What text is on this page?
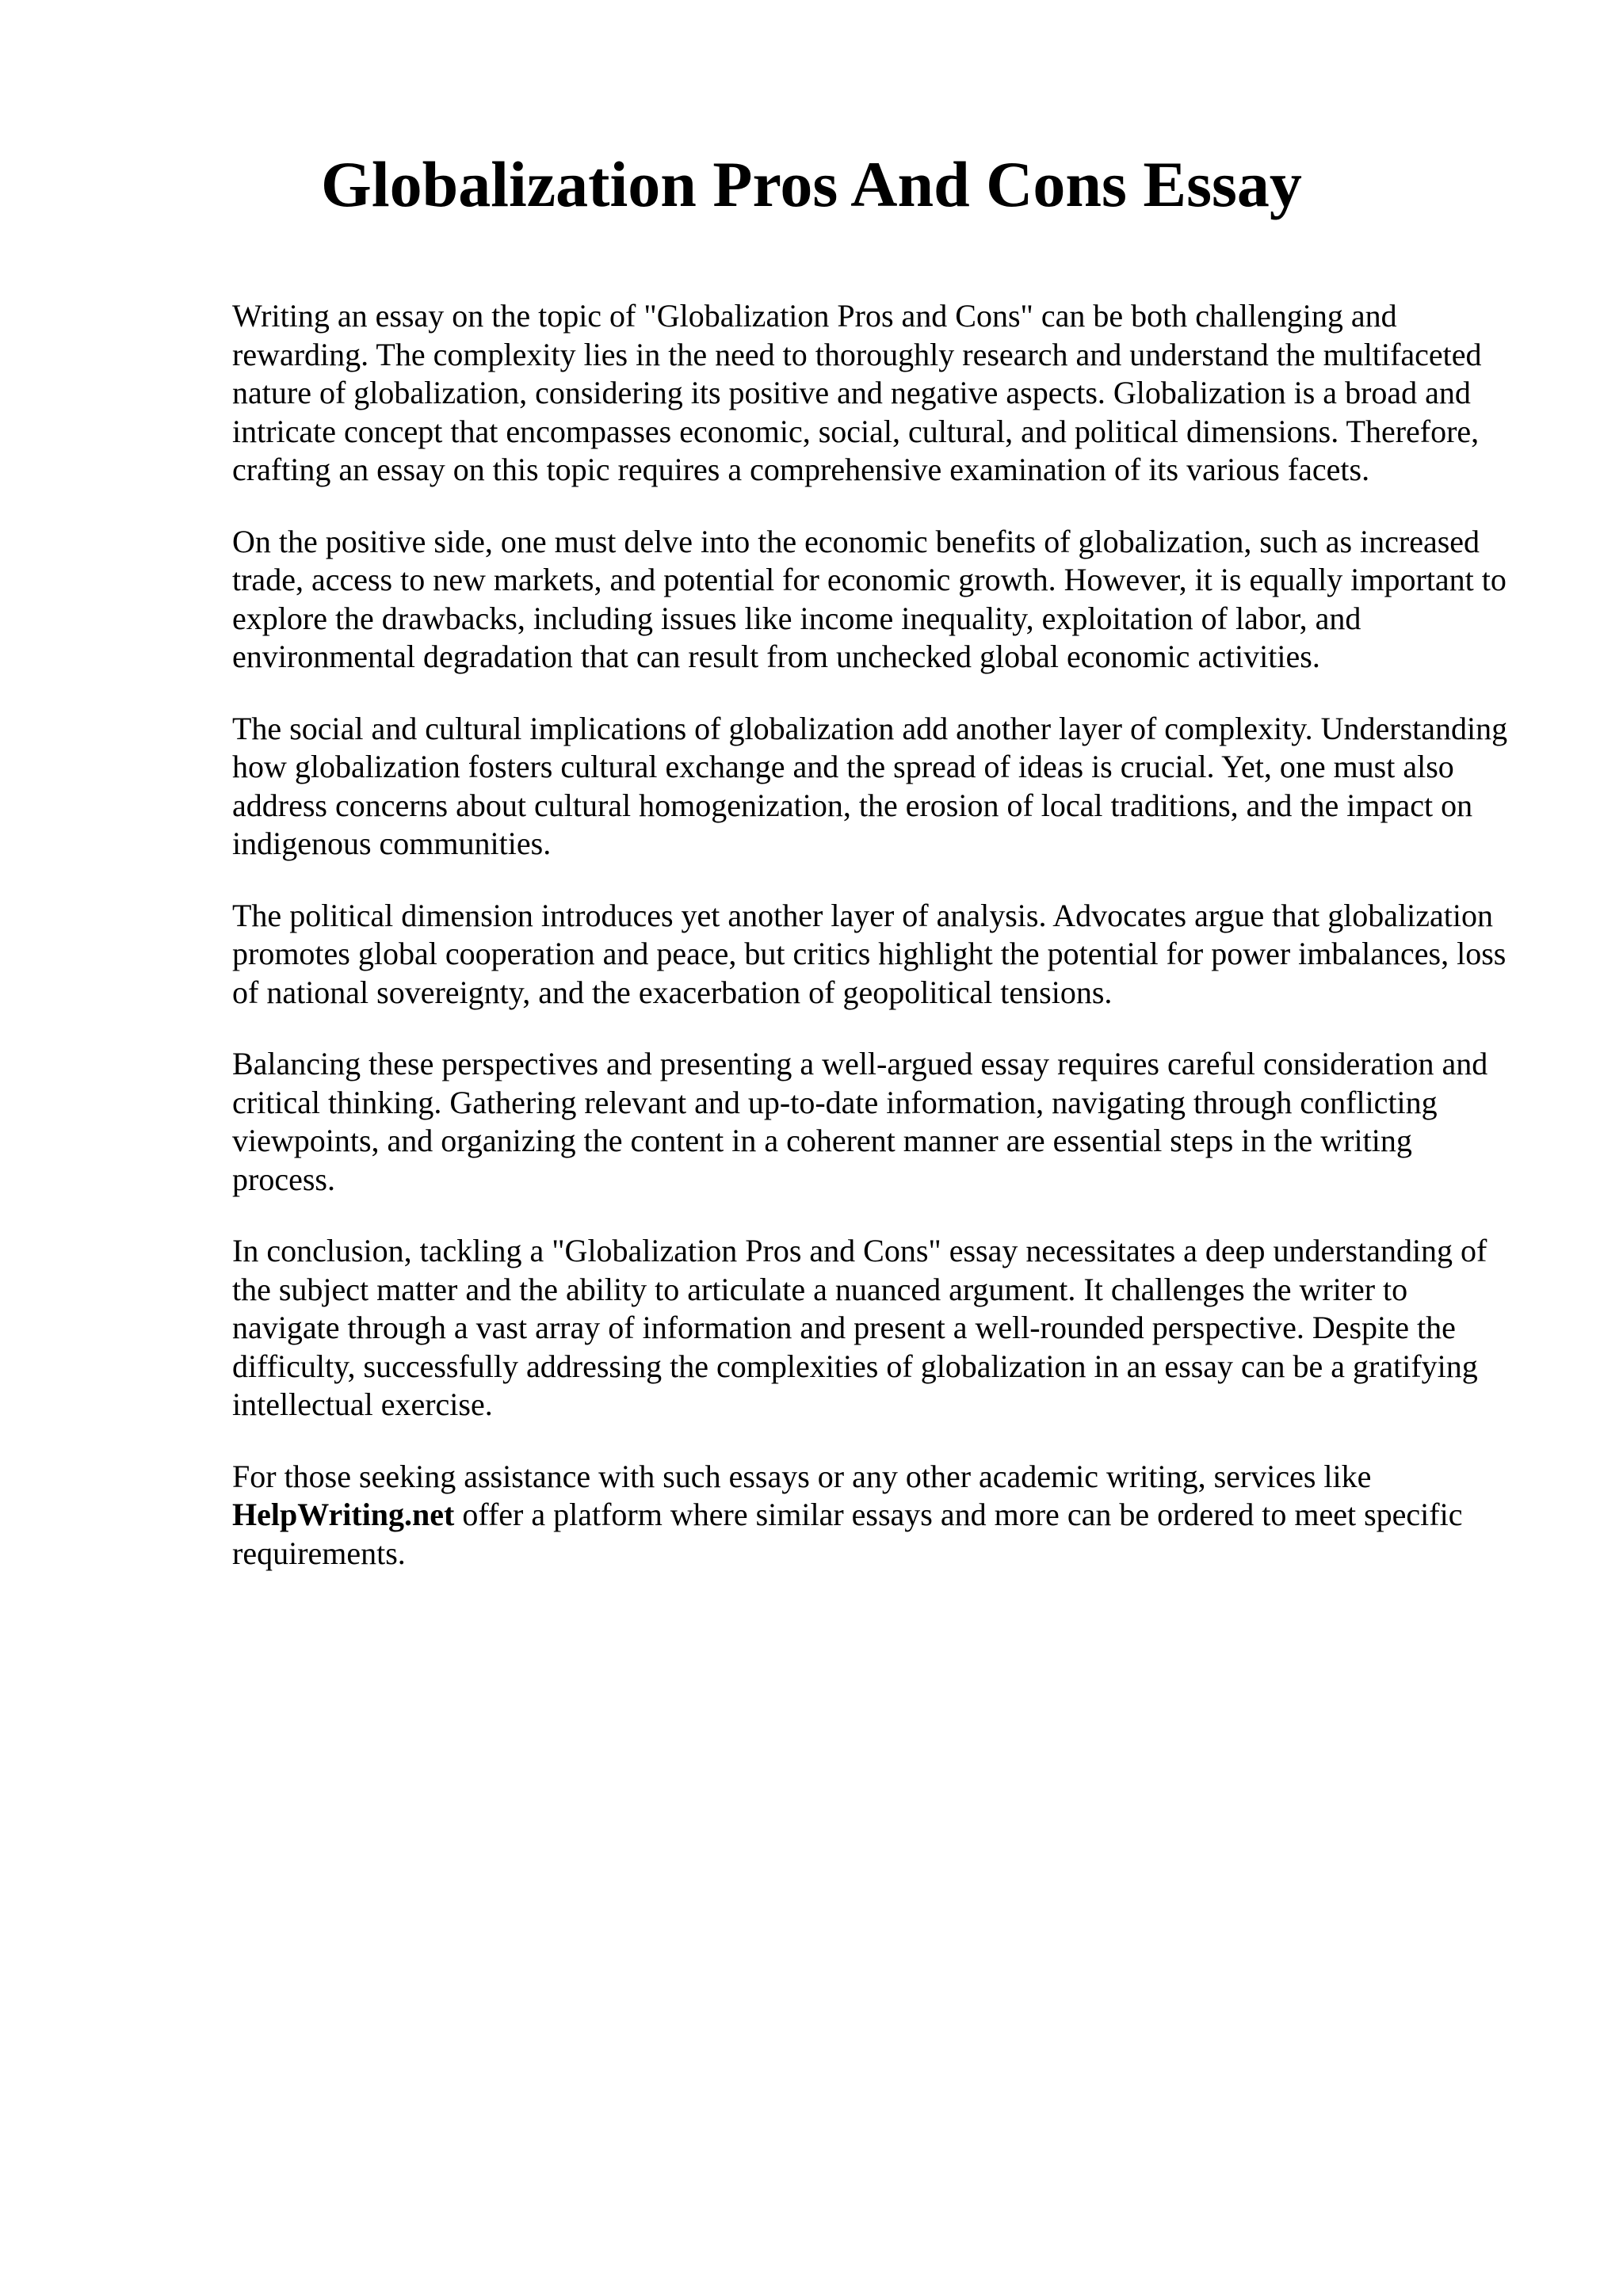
Globalization Pros And Cons Essay

Writing an essay on the topic of "Globalization Pros and Cons" can be both challenging and rewarding. The complexity lies in the need to thoroughly research and understand the multifaceted nature of globalization, considering its positive and negative aspects. Globalization is a broad and intricate concept that encompasses economic, social, cultural, and political dimensions. Therefore, crafting an essay on this topic requires a comprehensive examination of its various facets.

On the positive side, one must delve into the economic benefits of globalization, such as increased trade, access to new markets, and potential for economic growth. However, it is equally important to explore the drawbacks, including issues like income inequality, exploitation of labor, and environmental degradation that can result from unchecked global economic activities.

The social and cultural implications of globalization add another layer of complexity. Understanding how globalization fosters cultural exchange and the spread of ideas is crucial. Yet, one must also address concerns about cultural homogenization, the erosion of local traditions, and the impact on indigenous communities.

The political dimension introduces yet another layer of analysis. Advocates argue that globalization promotes global cooperation and peace, but critics highlight the potential for power imbalances, loss of national sovereignty, and the exacerbation of geopolitical tensions.

Balancing these perspectives and presenting a well-argued essay requires careful consideration and critical thinking. Gathering relevant and up-to-date information, navigating through conflicting viewpoints, and organizing the content in a coherent manner are essential steps in the writing process.

In conclusion, tackling a "Globalization Pros and Cons" essay necessitates a deep understanding of the subject matter and the ability to articulate a nuanced argument. It challenges the writer to navigate through a vast array of information and present a well-rounded perspective. Despite the difficulty, successfully addressing the complexities of globalization in an essay can be a gratifying intellectual exercise.

For those seeking assistance with such essays or any other academic writing, services like HelpWriting.net offer a platform where similar essays and more can be ordered to meet specific requirements.
